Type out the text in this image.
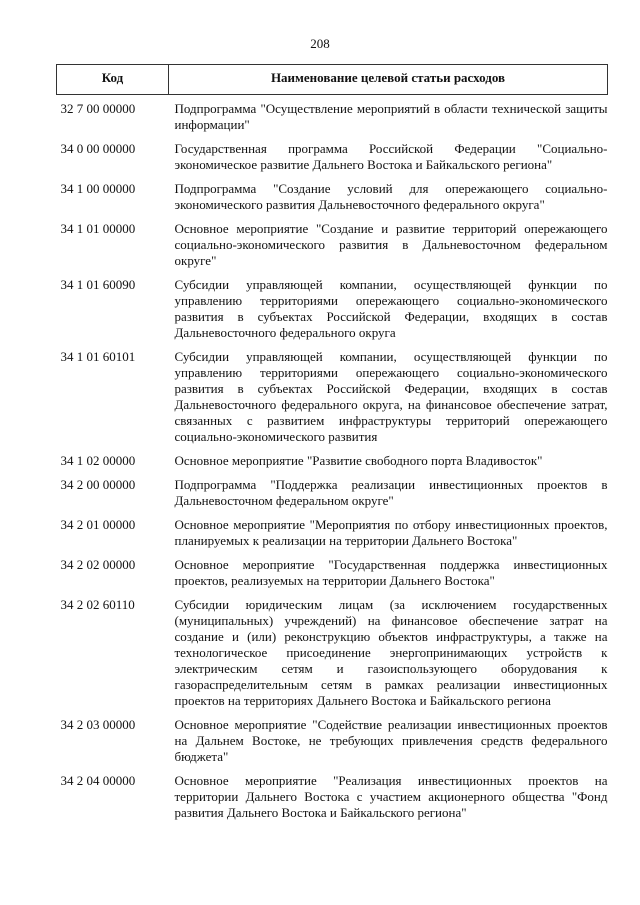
208
Код	Наименование целевой статьи расходов
32 7 00 00000	Подпрограмма "Осуществление мероприятий в области технической защиты информации"
34 0 00 00000	Государственная программа Российской Федерации "Социально-экономическое развитие Дальнего Востока и Байкальского региона"
34 1 00 00000	Подпрограмма "Создание условий для опережающего социально-экономического развития Дальневосточного федерального округа"
34 1 01 00000	Основное мероприятие "Создание и развитие территорий опережающего социально-экономического развития в Дальневосточном федеральном округе"
34 1 01 60090	Субсидии управляющей компании, осуществляющей функции по управлению территориями опережающего социально-экономического развития в субъектах Российской Федерации, входящих в состав Дальневосточного федерального округа
34 1 01 60101	Субсидии управляющей компании, осуществляющей функции по управлению территориями опережающего социально-экономического развития в субъектах Российской Федерации, входящих в состав Дальневосточного федерального округа, на финансовое обеспечение затрат, связанных с развитием инфраструктуры территорий опережающего социально-экономического развития
34 1 02 00000	Основное мероприятие "Развитие свободного порта Владивосток"
34 2 00 00000	Подпрограмма "Поддержка реализации инвестиционных проектов в Дальневосточном федеральном округе"
34 2 01 00000	Основное мероприятие "Мероприятия по отбору инвестиционных проектов, планируемых к реализации на территории Дальнего Востока"
34 2 02 00000	Основное мероприятие "Государственная поддержка инвестиционных проектов, реализуемых на территории Дальнего Востока"
34 2 02 60110	Субсидии юридическим лицам (за исключением государственных (муниципальных) учреждений) на финансовое обеспечение затрат на создание и (или) реконструкцию объектов инфраструктуры, а также на технологическое присоединение энергопринимающих устройств к электрическим сетям и газоиспользующего оборудования к газораспределительным сетям в рамках реализации инвестиционных проектов на территориях Дальнего Востока и Байкальского региона
34 2 03 00000	Основное мероприятие "Содействие реализации инвестиционных проектов на Дальнем Востоке, не требующих привлечения средств федерального бюджета"
34 2 04 00000	Основное мероприятие "Реализация инвестиционных проектов на территории Дальнего Востока с участием акционерного общества "Фонд развития Дальнего Востока и Байкальского региона"
